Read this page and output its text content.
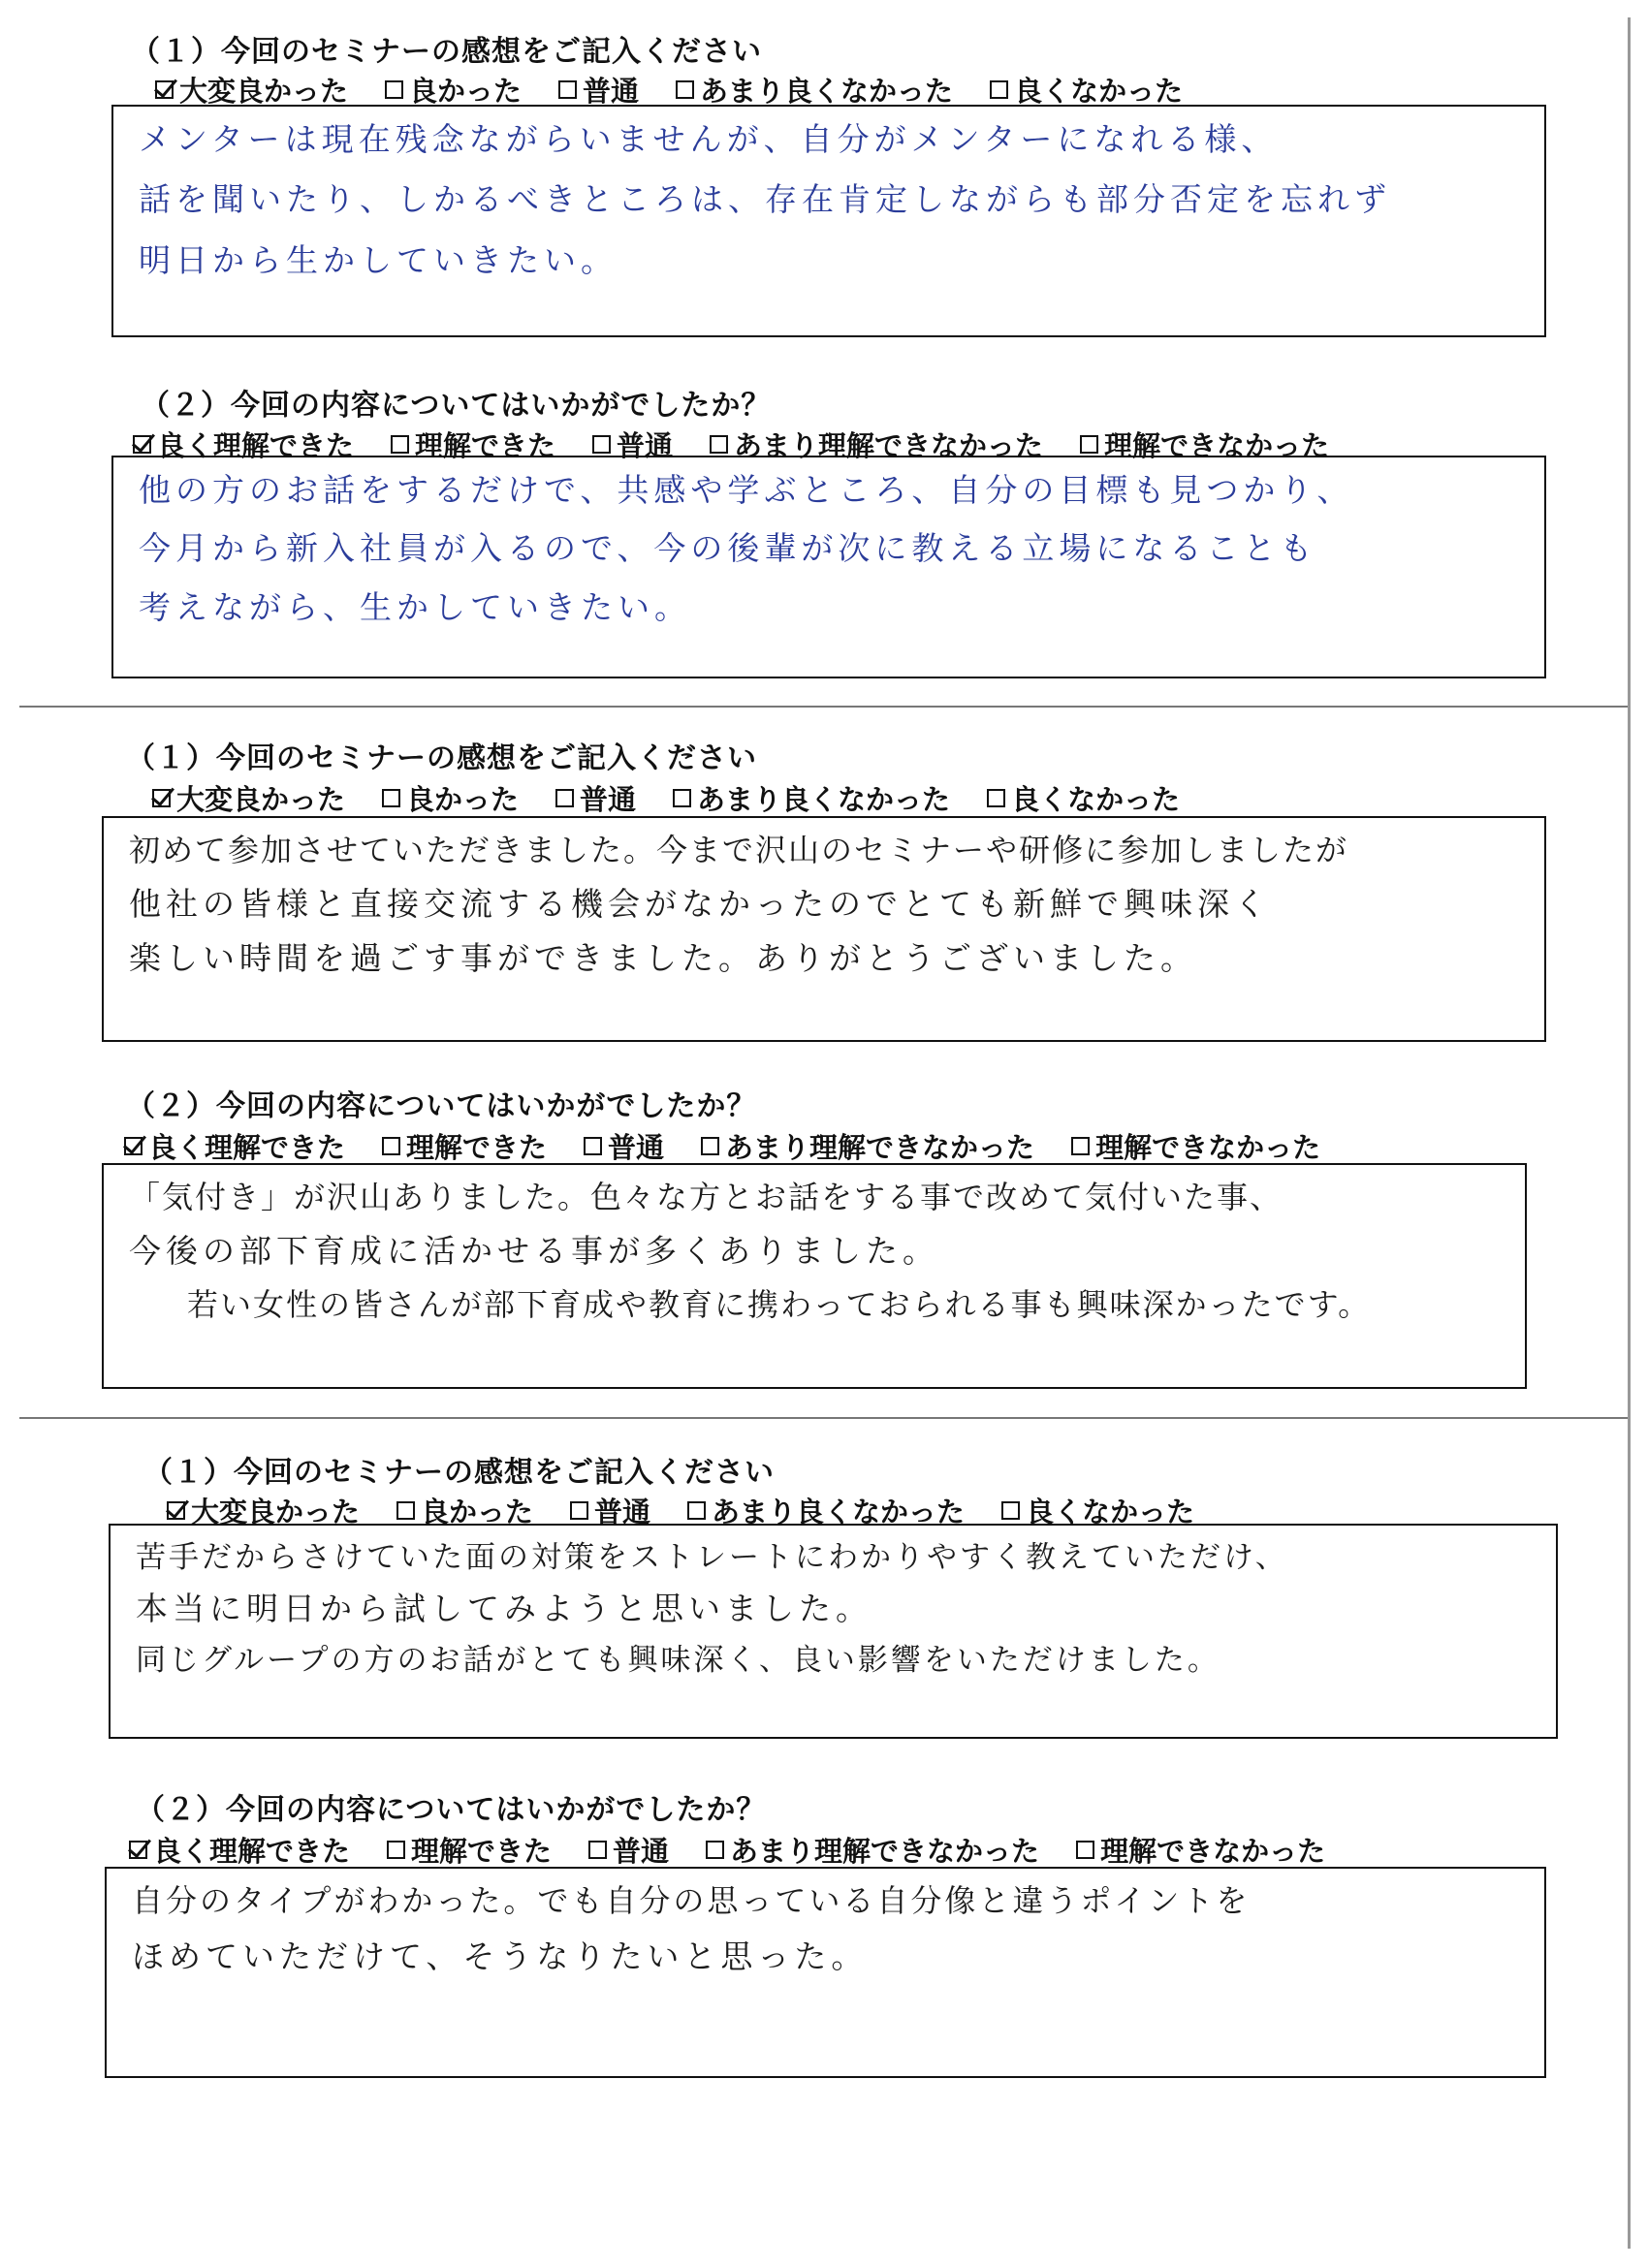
（１）今回のセミナーの感想をご記入ください
大変良かった 良かった 普通 あまり良くなかった 良くなかった
メンターは現在残念ながらいませんが、自分がメンターになれる様、
話を聞いたり、しかるべきところは、存在肯定しながらも部分否定を忘れず
明日から生かしていきたい。
（２）今回の内容についてはいかがでしたか？
良く理解できた 理解できた 普通 あまり理解できなかった 理解できなかった
他の方のお話をするだけで、共感や学ぶところ、自分の目標も見つかり、
今月から新入社員が入るので、今の後輩が次に教える立場になることも
考えながら、生かしていきたい。
（１）今回のセミナーの感想をご記入ください
大変良かった 良かった 普通 あまり良くなかった 良くなかった
初めて参加させていただきました。今まで沢山のセミナーや研修に参加しましたが
他社の皆様と直接交流する機会がなかったのでとても新鮮で興味深く
楽しい時間を過ごす事ができました。ありがとうございました。
（２）今回の内容についてはいかがでしたか？
良く理解できた 理解できた 普通 あまり理解できなかった 理解できなかった
「気付き」が沢山ありました。色々な方とお話をする事で改めて気付いた事、
今後の部下育成に活かせる事が多くありました。
若い女性の皆さんが部下育成や教育に携わっておられる事も興味深かったです。
（１）今回のセミナーの感想をご記入ください
大変良かった 良かった 普通 あまり良くなかった 良くなかった
苦手だからさけていた面の対策をストレートにわかりやすく教えていただけ、
本当に明日から試してみようと思いました。
同じグループの方のお話がとても興味深く、良い影響をいただけました。
（２）今回の内容についてはいかがでしたか？
良く理解できた 理解できた 普通 あまり理解できなかった 理解できなかった
自分のタイプがわかった。でも自分の思っている自分像と違うポイントを
ほめていただけて、そうなりたいと思った。
